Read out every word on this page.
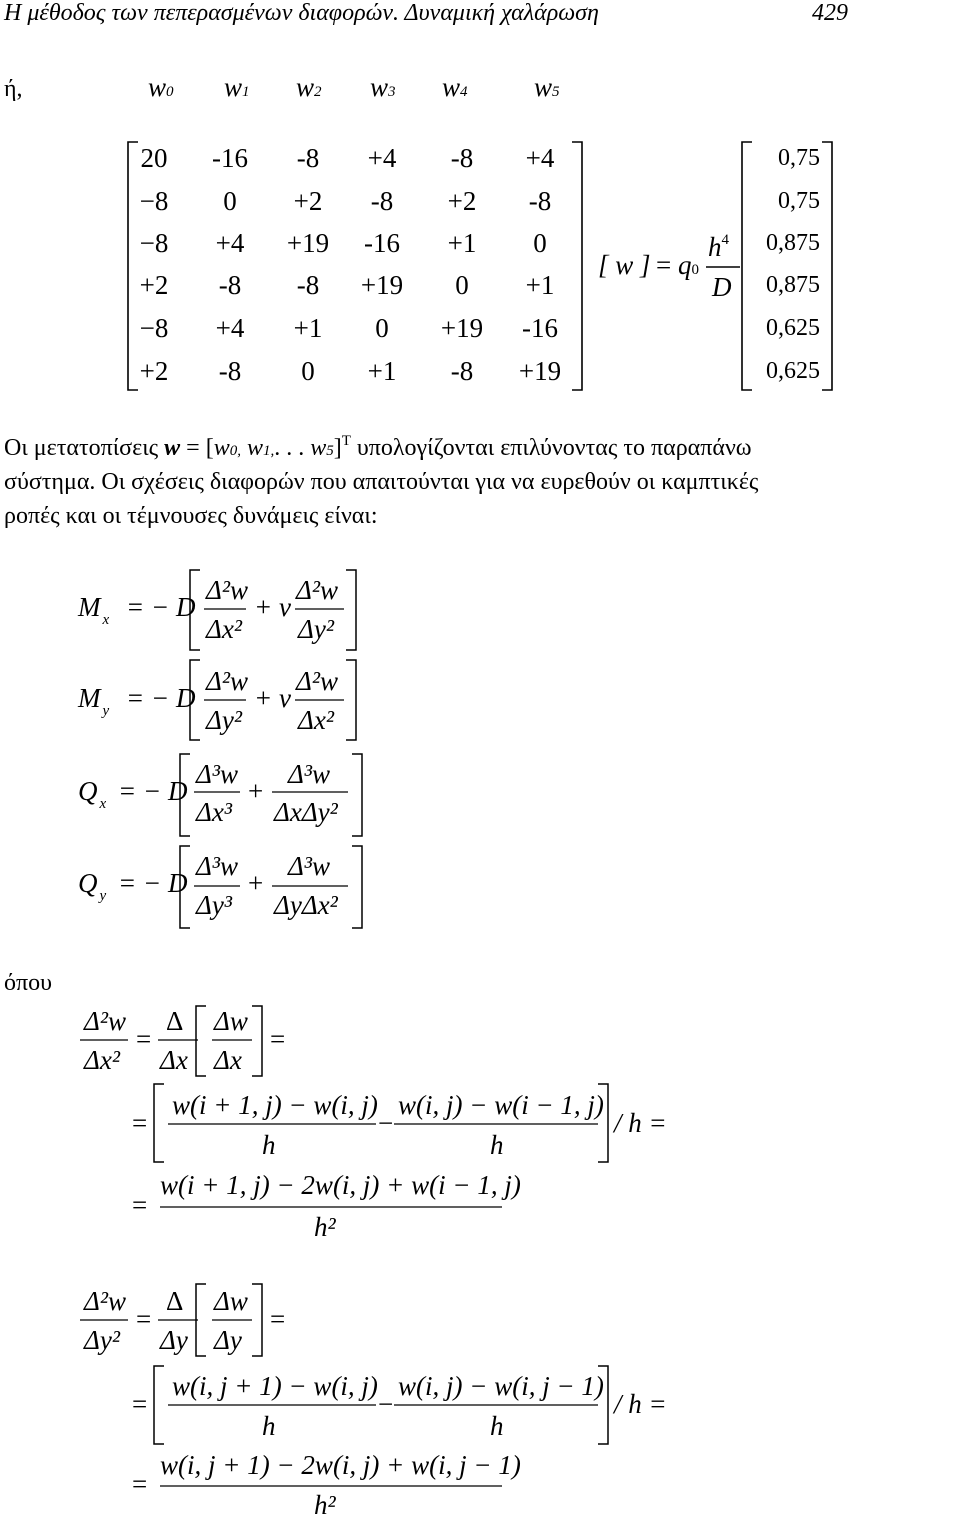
Η μέθοδος των πεπερασμένων διαφορών. Δυναμική χαλάρωση	429
ή,	w0 w1 w2 w3 w4 w5
20	-16	-8	+4	-8	+4
−8	0	+2	-8	+2	-8
−8	+4	+19	-16	+1	0
+2	-8	-8	+19	0	+1
−8	+4	+1	0	+19	-16
+2	-8	0	+1	-8	+19
[ w ] = q0
$h^4$
D
0,75
0,75
0,875
0,875
0,625
0,625
Οι μετατοπίσεις w = [w0, w1,. . . w5]$^T$ υπολογίζονται επιλύνοντας το παραπάνω
σύστημα. Οι σχέσεις διαφορών που απαιτούνται για να ευρεθούν οι καμπτικές
ροπές και οι τέμνουσες δυνάμεις είναι:
M $_x$ = − D
Δ²w
Δx²
+ ν
Δ²w
Δy²
M $_y$ = − D
Δ²w
Δy²
+ ν
Δ²w
Δx²
Q $_x$ = − D
Δ³w
Δx³
+
Δ³w
ΔxΔy²
Q $_y$ = − D
Δ³w
Δy³
+
Δ³w
ΔyΔx²
όπου
Δ²w
Δx²
=
Δ
Δx
Δw
Δx
=
=
w(i + 1, j) − w(i, j)
h
−
w(i, j) − w(i − 1, j)
h
/ h =
=
w(i + 1, j) − 2w(i, j) + w(i − 1, j)
h²
Δ²w
Δy²
=
Δ
Δy
Δw
Δy
=
=
w(i, j + 1) − w(i, j)
h
−
w(i, j) − w(i, j − 1)
h
/ h =
=
w(i, j + 1) − 2w(i, j) + w(i, j − 1)
h²
